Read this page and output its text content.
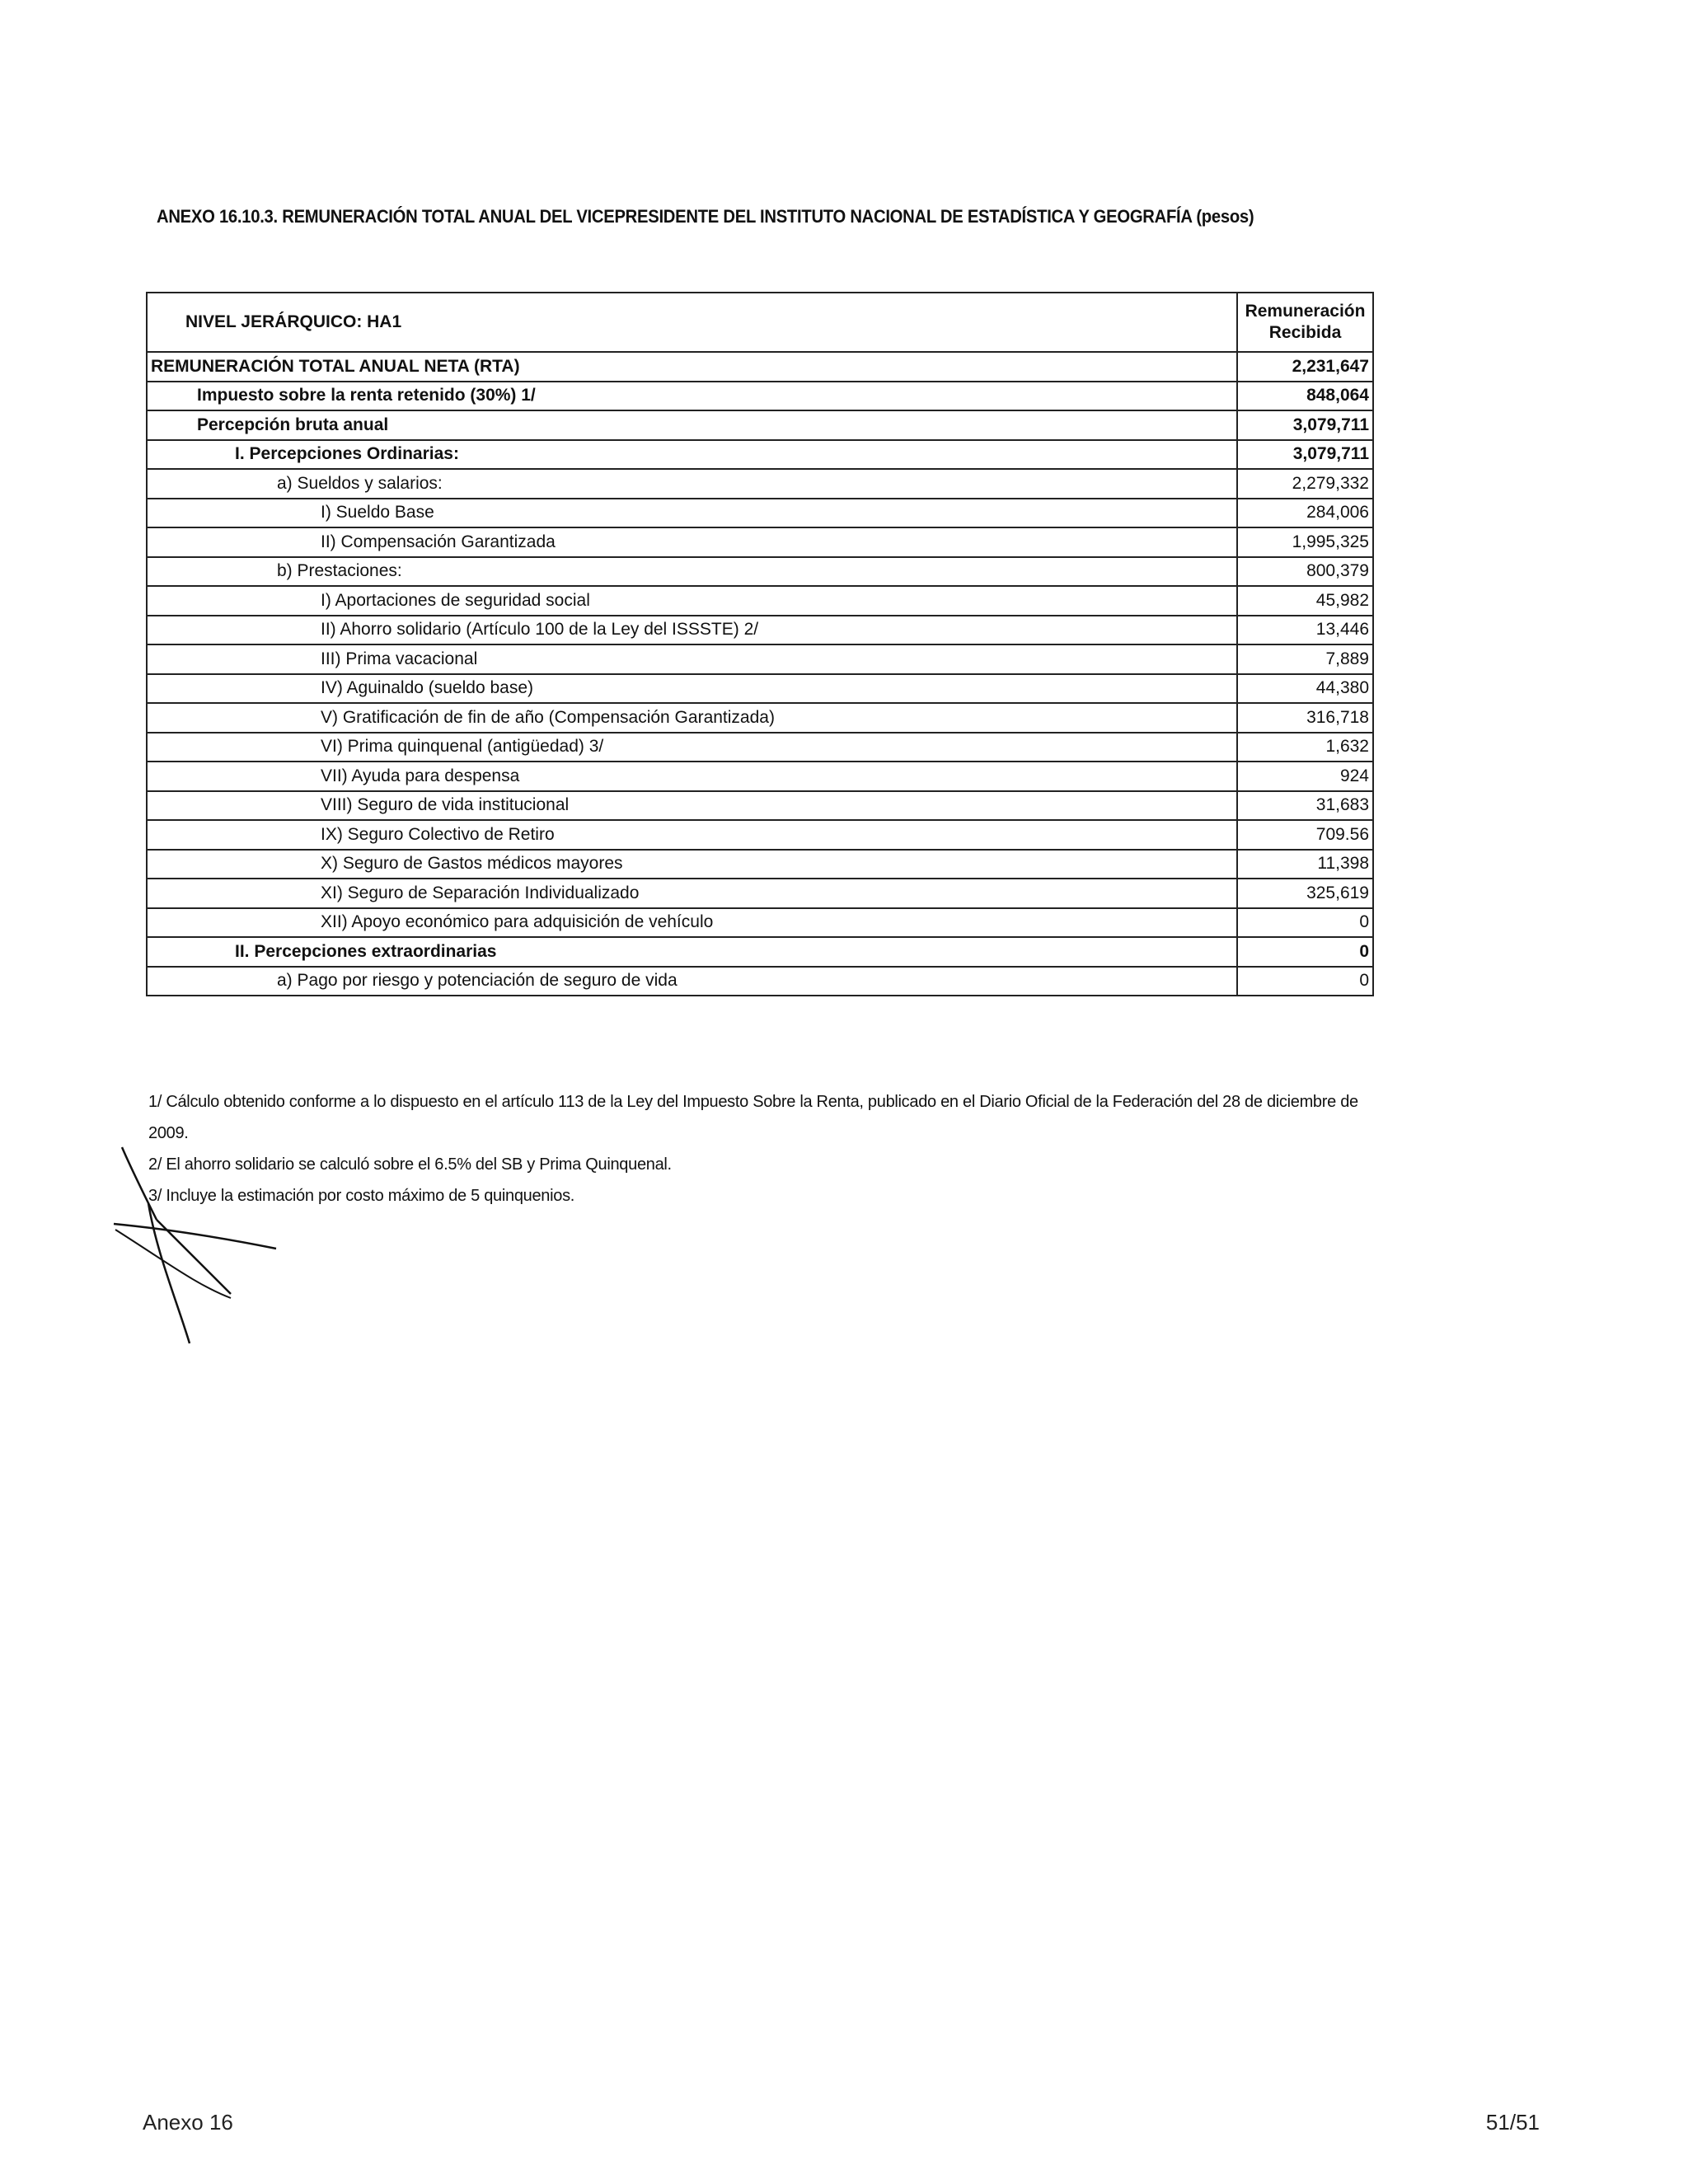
ANEXO 16.10.3. REMUNERACIÓN TOTAL ANUAL DEL VICEPRESIDENTE DEL INSTITUTO NACIONAL DE ESTADÍSTICA Y GEOGRAFÍA (pesos)
NIVEL JERÁRQUICO: HA1	Remuneración Recibida
REMUNERACIÓN TOTAL ANUAL NETA (RTA)	2,231,647
Impuesto sobre la renta retenido (30%) 1/	848,064
Percepción bruta anual	3,079,711
I. Percepciones Ordinarias:	3,079,711
a) Sueldos y salarios:	2,279,332
I) Sueldo Base	284,006
II) Compensación Garantizada	1,995,325
b) Prestaciones:	800,379
I) Aportaciones de seguridad social	45,982
II) Ahorro solidario (Artículo 100 de la Ley del ISSSTE) 2/	13,446
III) Prima vacacional	7,889
IV) Aguinaldo (sueldo base)	44,380
V) Gratificación de fin de año (Compensación Garantizada)	316,718
VI) Prima quinquenal (antigüedad) 3/	1,632
VII) Ayuda para despensa	924
VIII) Seguro de vida institucional	31,683
IX) Seguro Colectivo de Retiro	709.56
X) Seguro de Gastos médicos mayores	11,398
XI) Seguro de Separación Individualizado	325,619
XII) Apoyo económico para adquisición de vehículo	0
II. Percepciones extraordinarias	0
a) Pago por riesgo y potenciación de seguro de vida	0

1/ Cálculo obtenido conforme a lo dispuesto en el artículo 113 de la Ley del Impuesto Sobre la Renta, publicado en el Diario Oficial de la Federación del 28 de diciembre de 2009.

2/ El ahorro solidario se calculó sobre el 6.5% del SB y Prima Quinquenal.

3/ Incluye la estimación por costo máximo de 5 quinquenios.

Anexo 16	51/51
